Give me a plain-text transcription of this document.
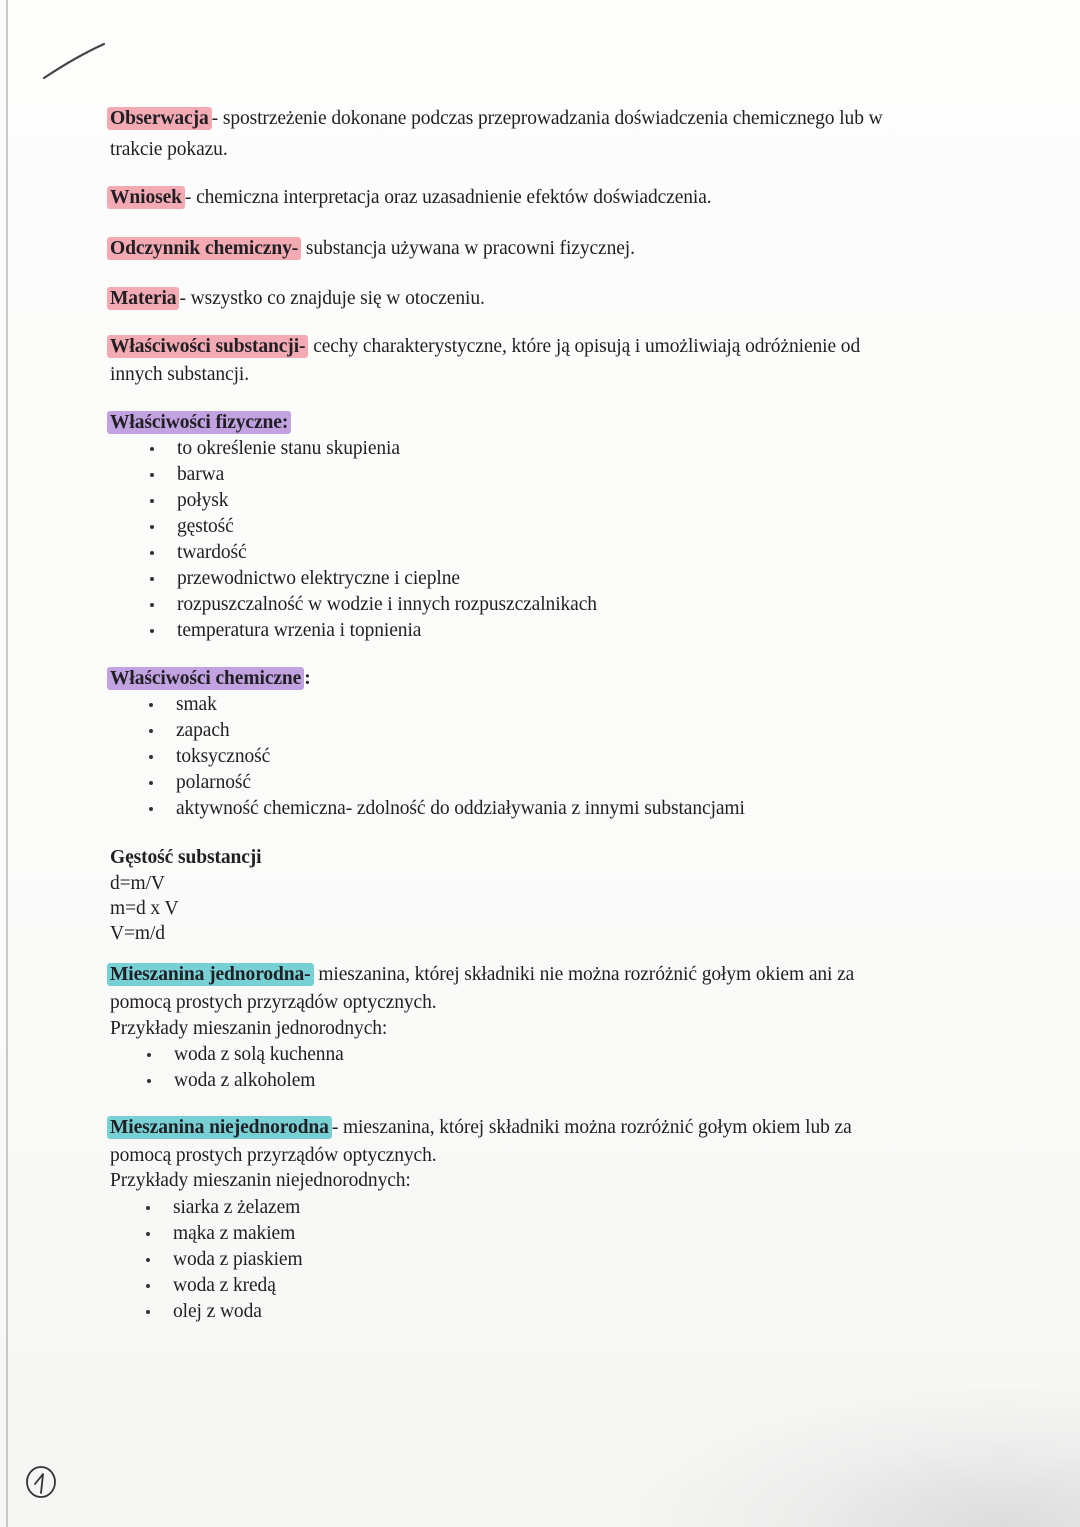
Obserwacja - spostrzeżenie dokonane podczas przeprowadzania doświadczenia chemicznego lub w
trakcie pokazu.
Wniosek - chemiczna interpretacja oraz uzasadnienie efektów doświadczenia.
Odczynnik chemiczny- substancja używana w pracowni fizycznej.
Materia - wszystko co znajduje się w otoczeniu.
Właściwości substancji- cechy charakterystyczne, które ją opisują i umożliwiają odróżnienie od
innych substancji.
Właściwości fizyczne:
to określenie stanu skupienia
barwa
połysk
gęstość
twardość
przewodnictwo elektryczne i cieplne
rozpuszczalność w wodzie i innych rozpuszczalnikach
temperatura wrzenia i topnienia
Właściwości chemiczne :
smak
zapach
toksyczność
polarność
aktywność chemiczna- zdolność do oddziaływania z innymi substancjami
Gęstość substancji
d=m/V
m=d x V
V=m/d
Mieszanina jednorodna- mieszanina, której składniki nie można rozróżnić gołym okiem ani za
pomocą prostych przyrządów optycznych.
Przykłady mieszanin jednorodnych:
woda z solą kuchenna
woda z alkoholem
Mieszanina niejednorodna - mieszanina, której składniki można rozróżnić gołym okiem lub za
pomocą prostych przyrządów optycznych.
Przykłady mieszanin niejednorodnych:
siarka z żelazem
mąka z makiem
woda z piaskiem
woda z kredą
olej z woda
